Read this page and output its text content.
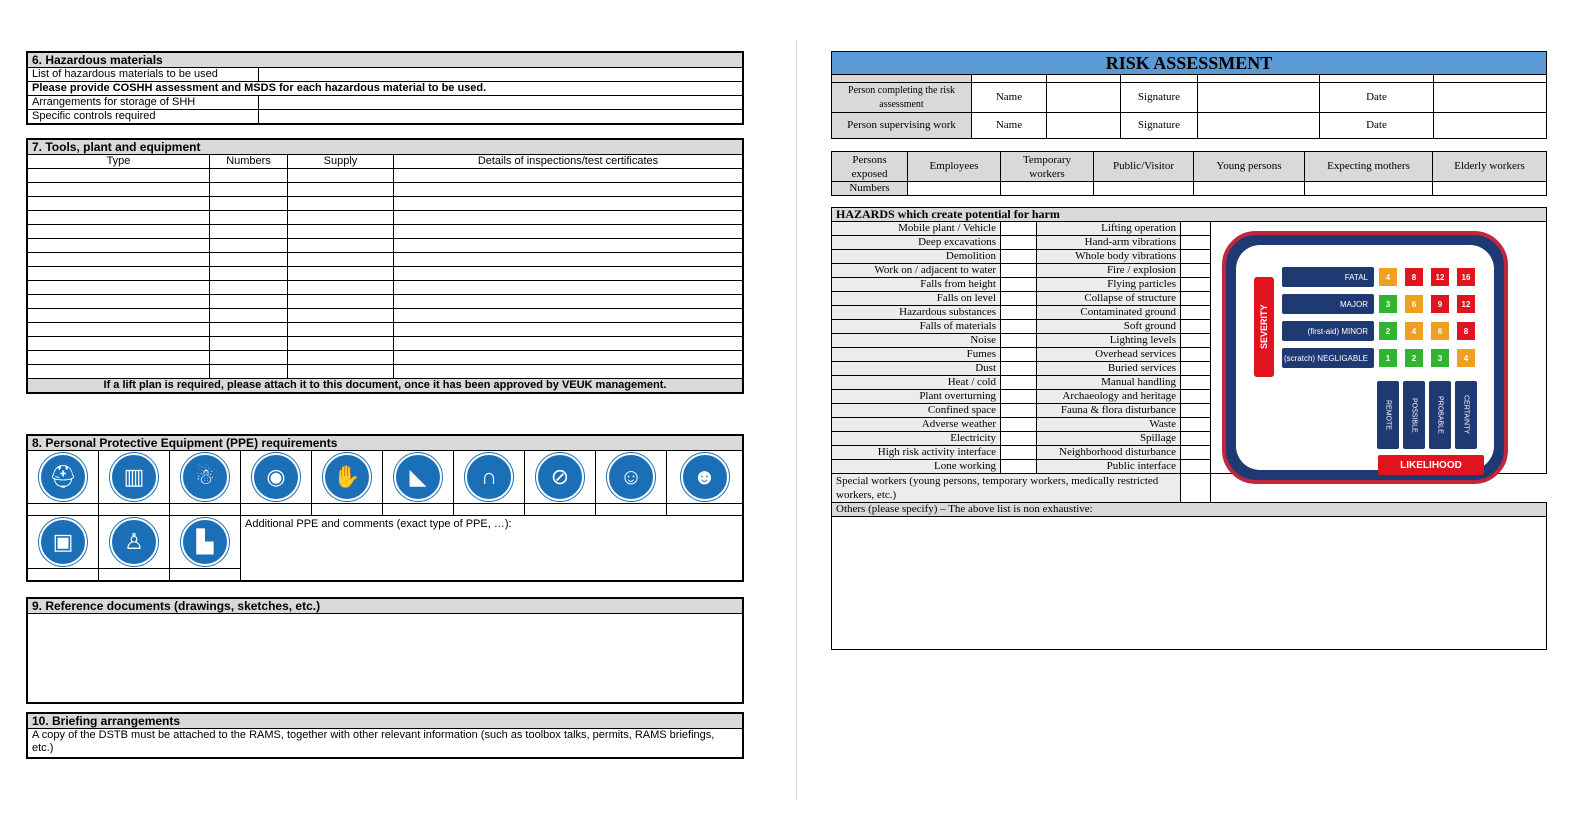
6. Hazardous materials	
List of hazardous materials to be used	
Please provide COSHH assessment and MSDS for each hazardous material to be used.	
Arrangements for storage of SHH	
Specific controls required	
7. Tools, plant and equipment			
Type	Numbers	Supply	Details of inspections/test certificates

If a lift plan is required, please attach it to this document, once it has been approved by VEUK management.			
8. Personal Protective Equipment (PPE) requirements									
⛑	▥	☃	◉	✋	◣	∩	⊘	☺	☻

▣	♙	▙	Additional PPE and comments (exact type of PPE, …):						

9. Reference documents (drawings, sketches, etc.)

10. Briefing arrangements
A copy of the DSTB must be attached to the RAMS, together with other relevant information (such as toolbox talks, permits, RAMS briefings, etc.)
RISK ASSESSMENT

Person completing the risk assessment	Name		Signature		Date	
Person supervising work	Name		Signature		Date	
Persons exposed	Employees	Temporary workers	Public/Visitor	Young persons	Expecting mothers	Elderly workers
Numbers						
HAZARDS which create potential for harm				
Mobile plant / Vehicle		Lifting operation		
Deep excavations		Hand-arm vibrations		
Demolition		Whole body vibrations		
Work on / adjacent to water		Fire / explosion		
Falls from height		Flying particles		
Falls on level		Collapse of structure		
Hazardous substances		Contaminated ground		
Falls of materials		Soft ground		
Noise		Lighting levels		
Fumes		Overhead services		
Dust		Buried services		
Heat / cold		Manual handling		
Plant overturning		Archaeology and heritage		
Confined space		Fauna & flora disturbance		
Adverse weather		Waste		
Electricity		Spillage		
High risk activity interface		Neighborhood disturbance		
Lone working		Public interface		
Special workers (young persons, temporary workers, medically restricted workers, etc.)				
Others (please specify) – The above list is non exhaustive:				

SEVERITY
LIKELIHOOD
FATAL	4	8	12	16
MAJOR	3	6	9	12
(first-aid) MINOR	2	4	6	8
(scratch) NEGLIGABLE	1	2	3	4
REMOTE	POSSIBLE	PROBABLE	CERTAINTY
